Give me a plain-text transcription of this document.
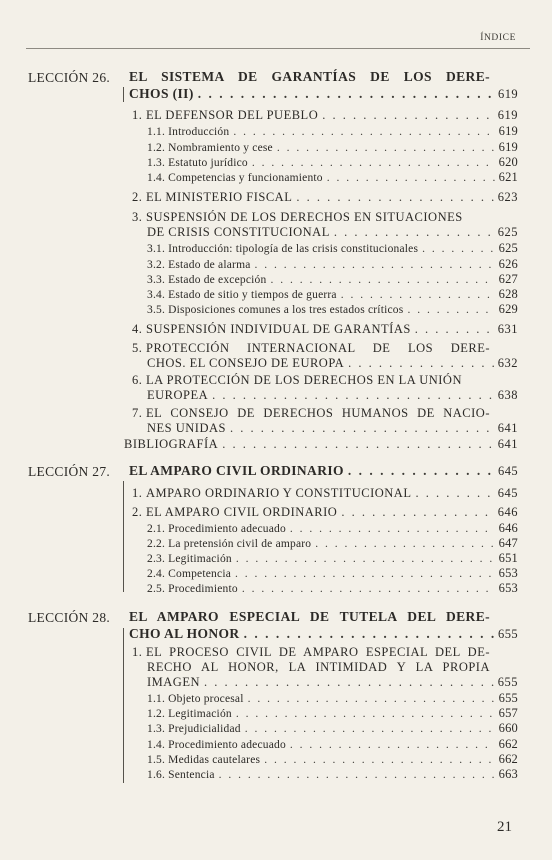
ÍNDICE
LECCIÓN 26. EL SISTEMA DE GARANTÍAS DE LOS DERE-
CHOS (II) . . .	619
1. EL DEFENSOR DEL PUEBLO . . .	619
1.1. Introducción . . .	619
1.2. Nombramiento y cese . . .	619
1.3. Estatuto jurídico . . .	620
1.4. Competencias y funcionamiento . . .	621
2. EL MINISTERIO FISCAL . . .	623
3.
SUSPENSIÓN DE LOS DERECHOS EN SITUACIONES
DE CRISIS CONSTITUCIONAL . . .	625
3.1. Introducción: tipología de las crisis constitucionales . . .	625
3.2. Estado de alarma . . .	626
3.3. Estado de excepción . . .	627
3.4. Estado de sitio y tiempos de guerra . . .	628
3.5. Disposiciones comunes a los tres estados críticos . . .	629
4. SUSPENSIÓN INDIVIDUAL DE GARANTÍAS . . .	631
5.
PROTECCIÓN INTERNACIONAL DE LOS DERE-
CHOS. EL CONSEJO DE EUROPA . . .	632
6.
LA PROTECCIÓN DE LOS DERECHOS EN LA UNIÓN
EUROPEA . . .	638
7.
EL CONSEJO DE DERECHOS HUMANOS DE NACIO-
NES UNIDAS . . .	641
BIBLIOGRAFÍA . . .	641
LECCIÓN 27. EL AMPARO CIVIL ORDINARIO . . .	645
1. AMPARO ORDINARIO Y CONSTITUCIONAL . . .	645
2. EL AMPARO CIVIL ORDINARIO . . .	646
2.1. Procedimiento adecuado . . .	646
2.2. La pretensión civil de amparo . . .	647
2.3. Legitimación . . .	651
2.4. Competencia . . .	653
2.5. Procedimiento . . .	653
LECCIÓN 28. EL AMPARO ESPECIAL DE TUTELA DEL DERE-
CHO AL HONOR . . .	655
1.
EL PROCESO CIVIL DE AMPARO ESPECIAL DEL DE-
RECHO AL HONOR, LA INTIMIDAD Y LA PROPIA
IMAGEN . . .	655
1.1. Objeto procesal . . .	655
1.2. Legitimación . . .	657
1.3. Prejudicialidad . . .	660
1.4. Procedimiento adecuado . . .	662
1.5. Medidas cautelares . . .	662
1.6. Sentencia . . .	663
21
